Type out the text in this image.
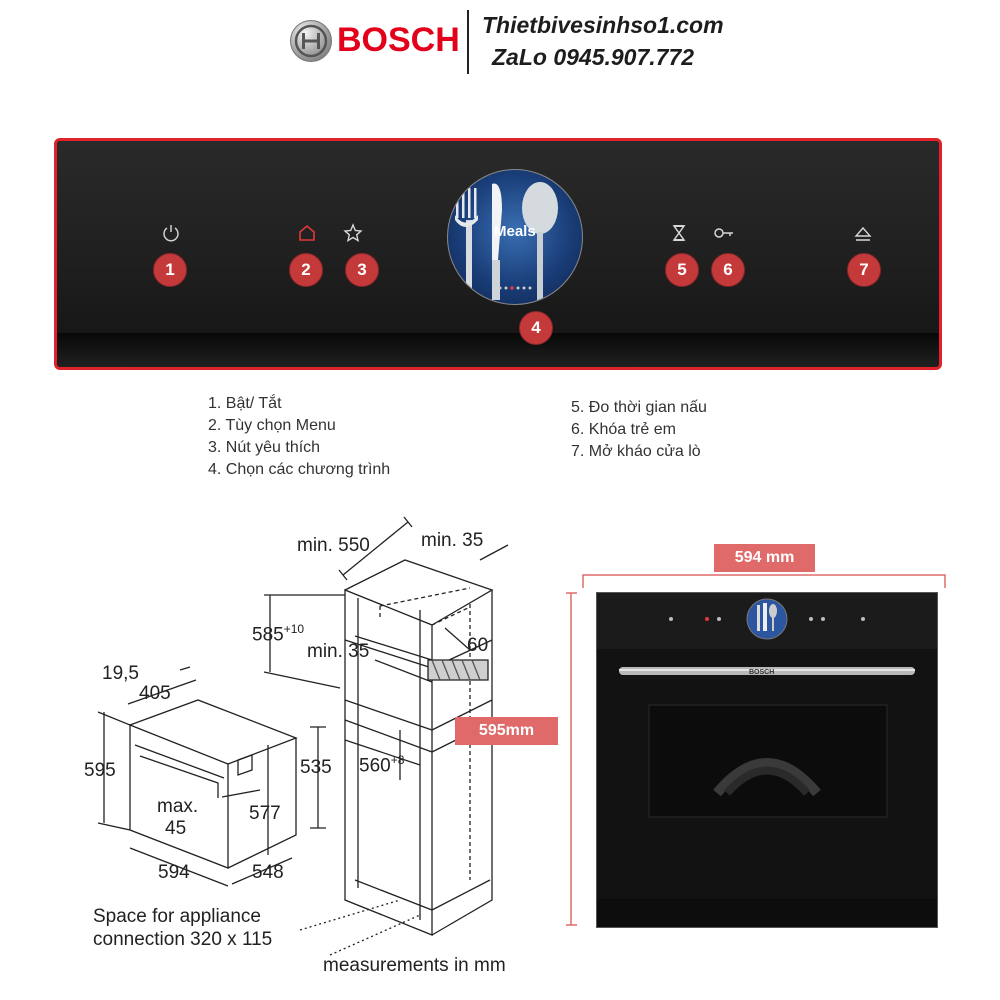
BOSCH Thietbivesinhso1.com
ZaLo 0945.907.772
Meals
1	2	3
4
5	6	7
1. Bật/ Tắt
2. Tùy chọn Menu
3. Nút yêu thích
4. Chọn các chương trình
5. Đo thời gian nấu
6. Khóa trẻ em
7. Mở kháo cửa lò
min. 550	min. 35
$585^{+10}$
min. 35	60
19,5
405
595
max.
45
577
535 $560^{+8}$
594	548
Space for appliance
connection 320 x 115
measurements in mm
594 mm
595mm
BOSCH
